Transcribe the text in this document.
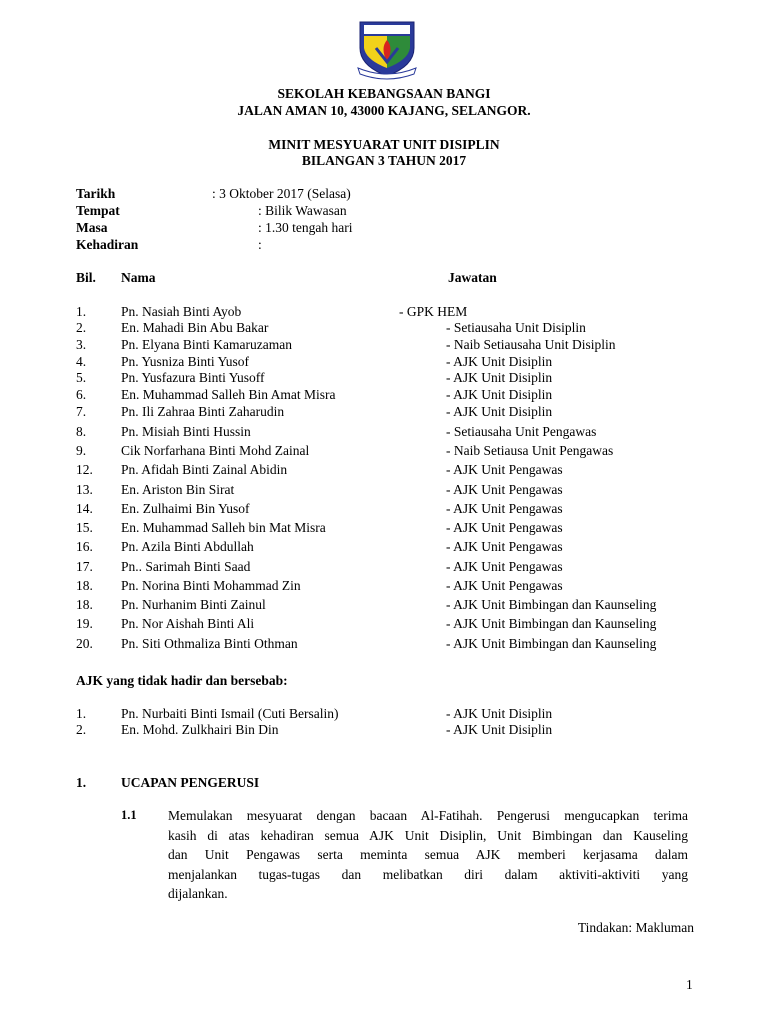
SEKOLAH KEBANGSAAN BANGI
JALAN AMAN 10, 43000 KAJANG, SELANGOR.
MINIT MESYUARAT UNIT DISIPLIN
BILANGAN 3 TAHUN 2017
Tarikh	: 3 Oktober 2017 (Selasa)
Tempat	: Bilik Wawasan
Masa	: 1.30 tengah hari
Kehadiran	:
Bil. Nama	Jawatan
1.	Pn. Nasiah Binti Ayob	- GPK HEM
2.	En. Mahadi Bin Abu Bakar	- Setiausaha Unit Disiplin
3.	Pn. Elyana Binti Kamaruzaman	- Naib Setiausaha Unit Disiplin
4.	Pn. Yusniza Binti Yusof	- AJK Unit Disiplin
5.	Pn. Yusfazura Binti Yusoff	- AJK Unit Disiplin
6.	En. Muhammad Salleh Bin Amat Misra	- AJK Unit Disiplin
7.	Pn. Ili Zahraa Binti Zaharudin	- AJK Unit Disiplin
8.	Pn. Misiah Binti Hussin	- Setiausaha Unit Pengawas
9.	Cik Norfarhana Binti Mohd Zainal	- Naib Setiausa Unit Pengawas
12. Pn. Afidah Binti Zainal Abidin	- AJK Unit Pengawas
13. En. Ariston Bin Sirat	- AJK Unit Pengawas
14. En. Zulhaimi Bin Yusof	- AJK Unit Pengawas
15. En. Muhammad Salleh bin Mat Misra	- AJK Unit Pengawas
16. Pn. Azila Binti Abdullah	- AJK Unit Pengawas
17. Pn.. Sarimah Binti Saad	- AJK Unit Pengawas
18. Pn. Norina Binti Mohammad Zin	- AJK Unit Pengawas
18. Pn. Nurhanim Binti Zainul	- AJK Unit Bimbingan dan Kaunseling
19. Pn. Nor Aishah Binti Ali	- AJK Unit Bimbingan dan Kaunseling
20. Pn. Siti Othmaliza Binti Othman	- AJK Unit Bimbingan dan Kaunseling
AJK yang tidak hadir dan bersebab:
1.	Pn. Nurbaiti Binti Ismail (Cuti Bersalin)	- AJK Unit Disiplin
2.	En. Mohd. Zulkhairi Bin Din	- AJK Unit Disiplin
1.	UCAPAN PENGERUSI
1.1 Memulakan mesyuarat dengan bacaan Al-Fatihah. Pengerusi mengucapkan terima
kasih di atas kehadiran semua AJK Unit Disiplin, Unit Bimbingan dan Kauseling
dan Unit Pengawas serta meminta semua AJK memberi kerjasama dalam
menjalankan tugas-tugas dan melibatkan diri dalam aktiviti-aktiviti yang
dijalankan.
Tindakan: Makluman
1
